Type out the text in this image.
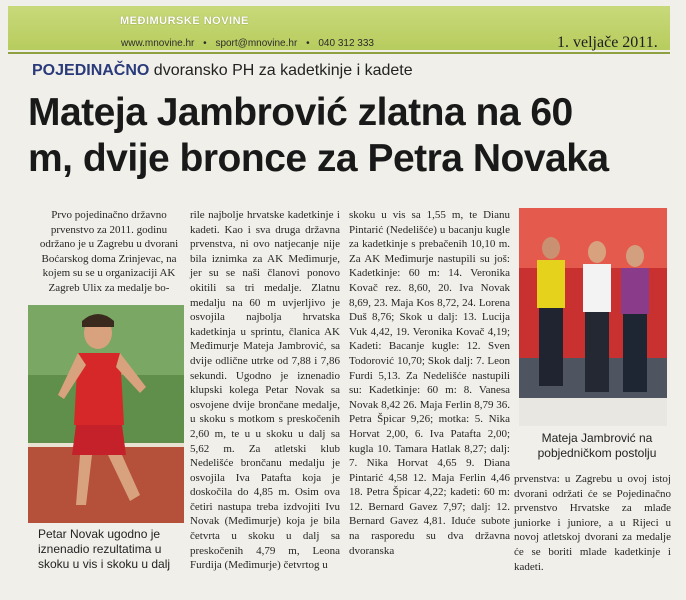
MEĐIMURSKE NOVINE
www.mnovine.hr • sport@mnovine.hr • 040 312 333	1. veljače 2011.
POJEDINAČNO dvoransko PH za kadetkinje i kadete
Mateja Jambrović zlatna na 60
m, dvije bronce za Petra Novaka

Prvo pojedinačno državno prvenstvo za 2011. godinu održano je u Zagrebu u dvorani Boćarskog doma Zrinjevac, na kojem su se u organizaciji AK Zagreb Ulix za medalje bo-

Petar Novak ugodno je iznenadio rezultatima u skoku u vis i skoku u dalj

rile najbolje hrvatske kadetkinje i kadeti. Kao i sva druga državna prvenstva, ni ovo natjecanje nije bila iznimka za AK Međimurje, jer su se naši članovi ponovo okitili sa tri medalje. Zlatnu medalju na 60 m uvjerljivo je osvojila najbolja hrvatska kadetkinja u sprintu, članica AK Međimurje Mateja Jambrović, sa dvije odlične utrke od 7,88 i 7,86 sekundi. Ugodno je iznenadio klupski kolega Petar Novak sa osvojene dvije brončane medalje, u skoku s motkom s preskočenih 2,60 m, te u u skoku u dalj sa 5,62 m. Za atletski klub Nedelišće brončanu medalju je osvojila Iva Patafta koja je doskočila do 4,85 m. Osim ova četiri nastupa treba izdvojiti Ivu Novak (Međimurje) koja je bila četvrta u skoku u dalj sa preskočenih 4,79 m, Leona Furdija (Međimurje) četvrtog u

skoku u vis sa 1,55 m, te Dianu Pintarić (Nedelišće) u bacanju kugle za kadetkinje s prebačenih 10,10 m. Za AK Međimurje nastupili su još: Kadetkinje: 60 m: 14. Veronika Kovač rez. 8,60, 20. Iva Novak 8,69, 23. Maja Kos 8,72, 24. Lorena Duš 8,76; Skok u dalj: 13. Lucija Vuk 4,42, 19. Veronika Kovač 4,19; Kadeti: Bacanje kugle: 12. Sven Todorović 10,70; Skok dalj: 7. Leon Furdi 5,13. Za Nedelišće nastupili su: Kadetkinje: 60 m: 8. Vanesa Novak 8,42 26. Maja Ferlin 8,79 36. Petra Špicar 9,26; motka: 5. Nika Horvat 2,00, 6. Iva Patafta 2,00; kugla 10. Tamara Hatlak 8,27; dalj: 7. Nika Horvat 4,65 9. Diana Pintarić 4,58 12. Maja Ferlin 4,46 18. Petra Špicar 4,22; kadeti: 60 m: 12. Bernard Gavez 7,97; dalj: 12. Bernard Gavez 4,81. Iduće subote na rasporedu su dva državna dvoranska

Mateja Jambrović na pobjedničkom postolju

prvenstva: u Zagrebu u ovoj istoj dvorani održati će se Pojedinačno prvenstvo Hrvatske za mlađe juniorke i juniore, a u Rijeci u novoj atletskoj dvorani za medalje će se boriti mlade kadetkinje i kadeti.
